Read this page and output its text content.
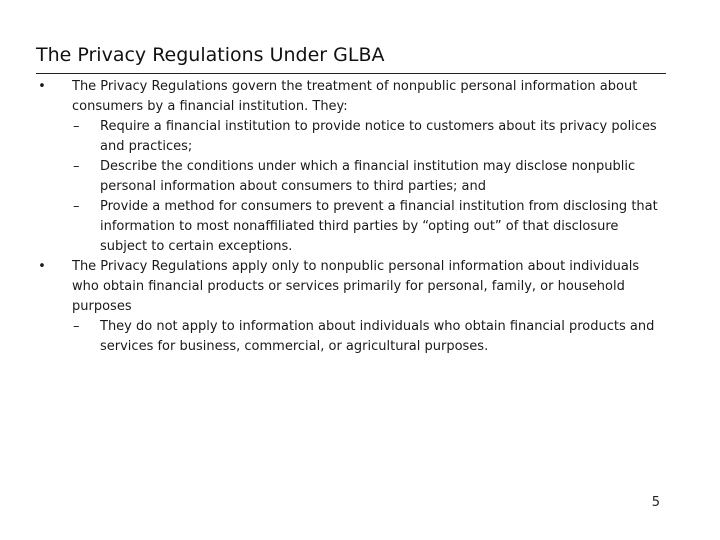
The Privacy Regulations Under GLBA
• The Privacy Regulations govern the treatment of nonpublic personal information about consumers by a financial institution. They:
– Require a financial institution to provide notice to customers about its privacy polices and practices;
– Describe the conditions under which a financial institution may disclose nonpublic personal information about consumers to third parties; and
– Provide a method for consumers to prevent a financial institution from disclosing that information to most nonaffiliated third parties by “opting out” of that disclosure subject to certain exceptions.
• The Privacy Regulations apply only to nonpublic personal information about individuals who obtain financial products or services primarily for personal, family, or household purposes
– They do not apply to information about individuals who obtain financial products and services for business, commercial, or agricultural purposes.
5
